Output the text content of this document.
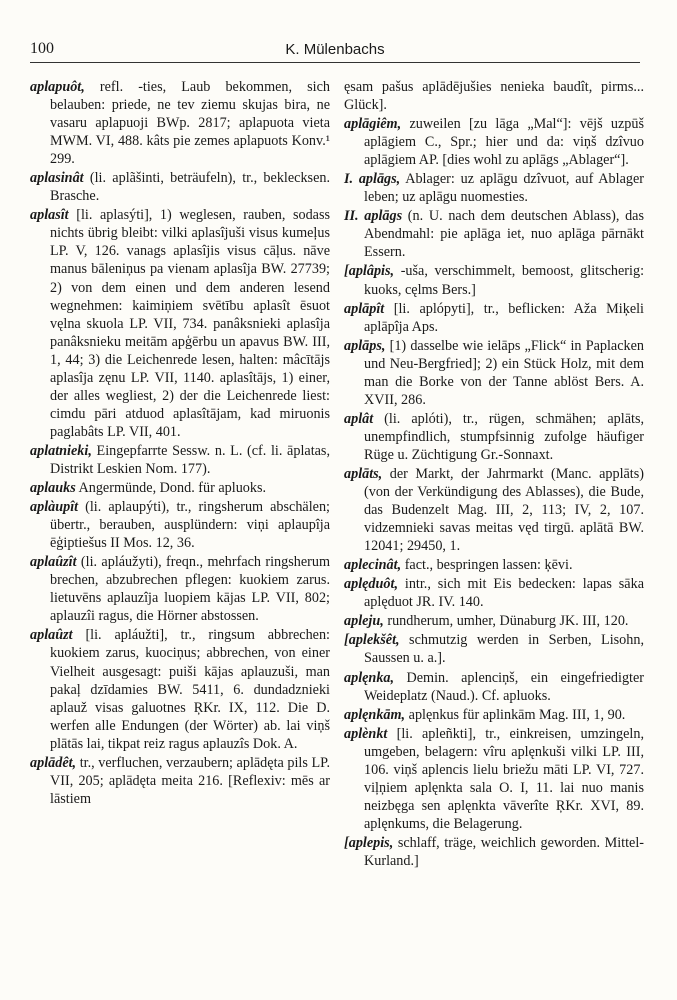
100	K. Mülenbachs

aplapuôt, refl. -ties, Laub bekommen, sich belauben: priede, ne tev ziemu skujas bira, ne vasaru aplapuoji BWp. 2817; aplapuota vieta MWM. VI, 488. kâts pie zemes aplapuots Konv.¹ 299.

aplasinât (li. aplãšinti, beträufeln), tr., beklecksen. Brasche.

aplasît [li. aplasýti], 1) weglesen, rauben, sodass nichts übrig bleibt: vilki aplasîjuši visus kumeļus LP. V, 126. vanags aplasîjis visus cāļus. nāve manus bāleniņus pa vienam aplasîja BW. 27739; 2) von dem einen und dem anderen lesend wegnehmen: kaimiņiem svētību aplasît ēsuot vęlna skuola LP. VII, 734. panâksnieki aplasîja panâksnieku meitām apģērbu un apavus BW. III, 1, 44; 3) die Leichenrede lesen, halten: mâcītājs aplasîja zęnu LP. VII, 1140. aplasîtājs, 1) einer, der alles wegliest, 2) der die Leichenrede liest: cimdu pāri atduod aplasîtājam, kad miruonis paglabâts LP. VII, 401.

aplatnieki, Eingepfarrte Sessw. n. L. (cf. li. āplatas, Distrikt Leskien Nom. 177).

aplauks Angermünde, Dond. für apluoks.

aplàupît (li. aplaupýti), tr., ringsherum abschälen; übertr., berauben, ausplündern: viņi aplaupîja ēģiptiešus II Mos. 12, 36.

aplaûzît (li. apláužyti), freqn., mehrfach ringsherum brechen, abzubrechen pflegen: kuokiem zarus. lietuvēns aplauzîja luopiem kājas LP. VII, 802; aplauzîi ragus, die Hörner abstossen.

aplaûzt [li. apláužti], tr., ringsum abbrechen: kuokiem zarus, kuociņus; abbrechen, von einer Vielheit ausgesagt: puiši kājas aplauzuši, man pakaļ dzīdamies BW. 5411, 6. dundadznieki aplauž visas galuotnes ŖKr. IX, 112. Die D. werfen alle Endungen (der Wörter) ab. lai viņš plātās lai, tikpat reiz ragus aplauzîs Dok. A.

aplādêt, tr., verfluchen, verzaubern; aplādęta pils LP. VII, 205; aplādęta meita 216. [Reflexiv: mēs ar lāstiem

ęsam pašus aplādējušies nenieka baudît, pirms... Glück].

aplāgiêm, zuweilen [zu lāga „Mal“]: vējš uzpūš aplāgiem C., Spr.; hier und da: viņš dzîvuo aplāgiem AP. [dies wohl zu aplāgs „Ablager“].

I. aplāgs, Ablager: uz aplāgu dzîvuot, auf Ablager leben; uz aplāgu nuomesties.

II. aplāgs (n. U. nach dem deutschen Ablass), das Abendmahl: pie aplāga iet, nuo aplāga pārnākt Essern.

[aplâpis, -uša, verschimmelt, bemoost, glitscherig: kuoks, cęlms Bers.]

aplāpît [li. aplópyti], tr., beflicken: Aža Miķeli aplāpîja Aps.

aplāps, [1) dasselbe wie ielāps „Flick“ in Paplacken und Neu-Bergfried]; 2) ein Stück Holz, mit dem man die Borke von der Tanne ablöst Bers. A. XVII, 286.

aplât (li. aplóti), tr., rügen, schmähen; aplāts, unempfindlich, stumpfsinnig zufolge häufiger Rüge u. Züchtigung Gr.-Sonnaxt.

aplāts, der Markt, der Jahrmarkt (Manc. applāts) (von der Verkündigung des Ablasses), die Bude, das Budenzelt Mag. III, 2, 113; IV, 2, 107. vidzemnieki savas meitas vęd tirgū. aplātā BW. 12041; 29450, 1.

aplecinât, fact., bespringen lassen: ķēvi.

aplęduôt, intr., sich mit Eis bedecken: lapas sāka aplęduot JR. IV. 140.

apleju, rundherum, umher, Dünaburg JK. III, 120.

[aplekšêt, schmutzig werden in Serben, Lisohn, Saussen u. a.].

aplęnka, Demin. aplenciņš, ein eingefriedigter Weideplatz (Naud.). Cf. apluoks.

aplęnkām, aplęnkus für aplinkām Mag. III, 1, 90.

aplènkt [li. apleñkti], tr., einkreisen, umzingeln, umgeben, belagern: vîru aplęnkuši vilki LP. III, 106. viņš aplencis lielu briežu māti LP. VI, 727. viļņiem aplęnkta sala O. I, 11. lai nuo manis neizbęga sen aplęnkta vāverîte ŖKr. XVI, 89. aplęnkums, die Belagerung.

[aplepis, schlaff, träge, weichlich geworden. Mittel-Kurland.]
